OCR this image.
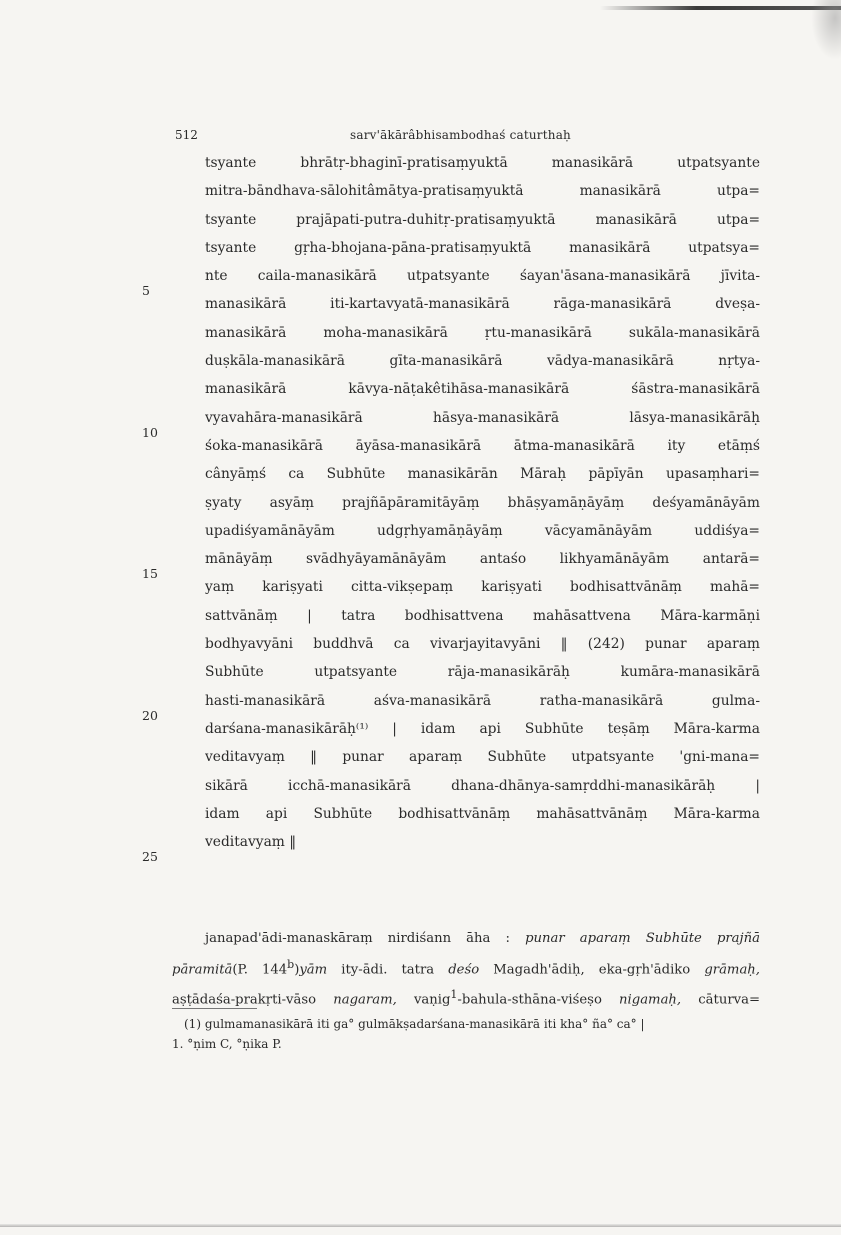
512	sarv'ākārâbhisambodhaś caturthaḥ
tsyante bhrātṛ-bhaginī-pratisaṃyuktā manasikārā utpatsyante
mitra-bāndhava-sālohitâmātya-pratisaṃyuktā manasikārā utpa=
tsyante prajāpati-putra-duhitṛ-pratisaṃyuktā manasikārā utpa=
tsyante gṛha-bhojana-pāna-pratisaṃyuktā manasikārā utpatsya=
nte caila-manasikārā utpatsyante śayan'āsana-manasikārā jīvita-
manasikārā iti-kartavyatā-manasikārā rāga-manasikārā dveṣa-
manasikārā moha-manasikārā ṛtu-manasikārā sukāla-manasikārā
duṣkāla-manasikārā gīta-manasikārā vādya-manasikārā nṛtya-
manasikārā kāvya-nāṭakêtihāsa-manasikārā śāstra-manasikārā
vyavahāra-manasikārā hāsya-manasikārā lāsya-manasikārāḥ
śoka-manasikārā āyāsa-manasikārā ātma-manasikārā ity etāṃś
cânyāṃś ca Subhūte manasikārān Māraḥ pāpīyān upasaṃhari=
ṣyaty asyāṃ prajñāpāramitāyāṃ bhāṣyamāṇāyāṃ deśyamānāyām
upadiśyamānāyām udgṛhyamāṇāyāṃ vācyamānāyām uddiśya=
mānāyāṃ svādhyāyamānāyām antaśo likhyamānāyām antarā=
yaṃ kariṣyati citta-vikṣepaṃ kariṣyati bodhisattvānāṃ mahā=
sattvānāṃ | tatra bodhisattvena mahāsattvena Māra-karmāṇi
bodhyavyāni buddhvā ca vivarjayitavyāni ‖ (242) punar aparaṃ
Subhūte utpatsyante rāja-manasikārāḥ kumāra-manasikārā
hasti-manasikārā aśva-manasikārā ratha-manasikārā gulma-
darśana-manasikārāḥ⁽¹⁾ | idam api Subhūte teṣāṃ Māra-karma
veditavyaṃ ‖ punar aparaṃ Subhūte utpatsyante 'gni-mana=
sikārā icchā-manasikārā dhana-dhānya-samṛddhi-manasikārāḥ |
idam api Subhūte bodhisattvānāṃ mahāsattvānāṃ Māra-karma
veditavyaṃ ‖
5
10
15
20
25
janapad'ādi-manaskāraṃ nirdiśann āha : punar aparaṃ Subhūte prajñā
pāramitā(P. 144$^b$)yām ity-ādi. tatra deśo Magadh'ādiḥ, eka-gṛh'ādiko grāmaḥ,
aṣṭādaśa-prakṛti-vāso nagaram, vaṇig$^1$-bahula-sthāna-viśeṣo nigamaḥ, cāturva=
(1) gulmamanasikārā iti ga° gulmākṣadarśana-manasikārā iti kha° ña° ca° |
1. °ṇim C, °ṇika P.
